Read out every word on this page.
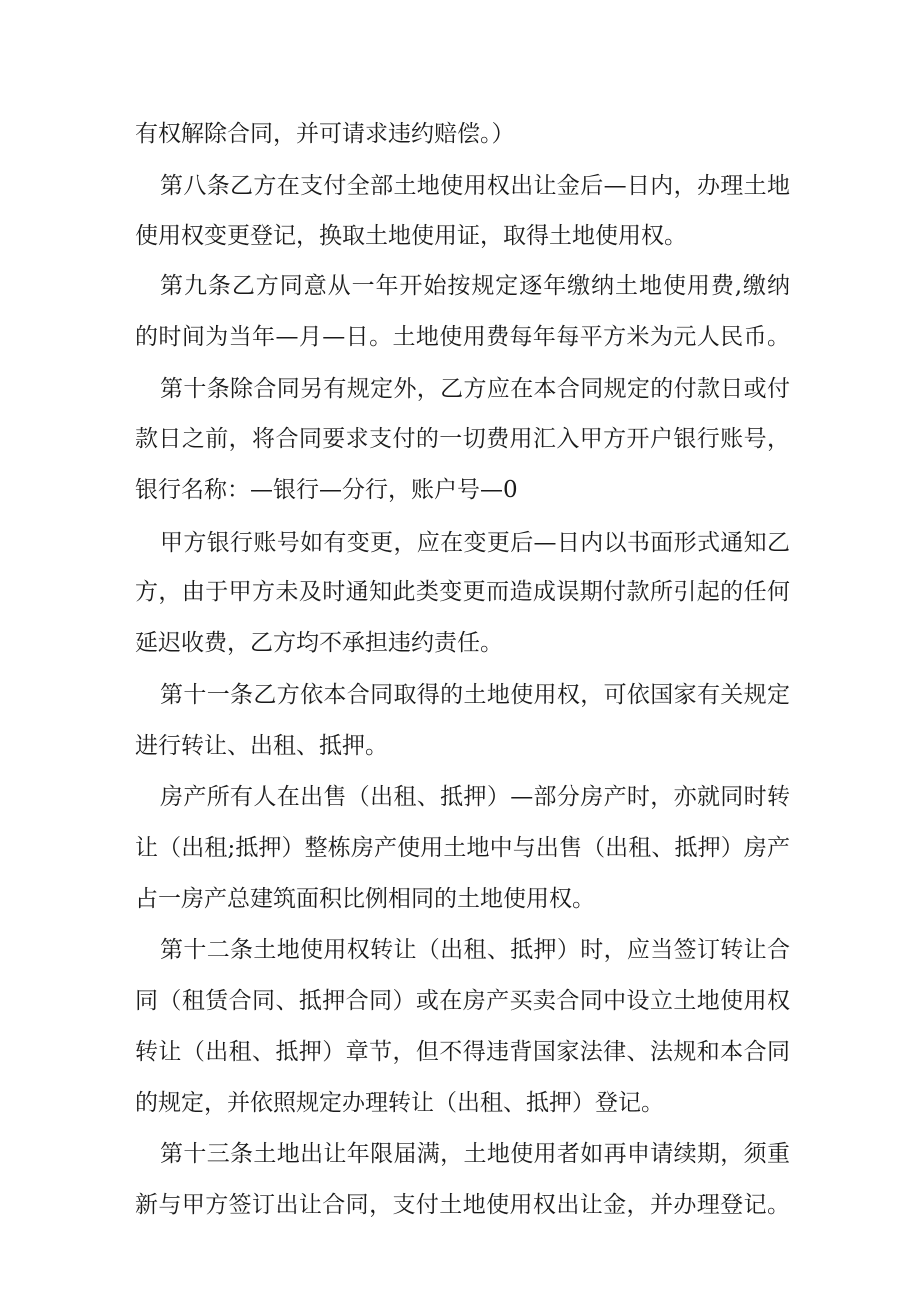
有权解除合同，并可请求违约赔偿。）
第八条乙方在支付全部土地使用权出让金后—日内，办理土地
使用权变更登记，换取土地使用证，取得土地使用权。
第九条乙方同意从一年开始按规定逐年缴纳土地使用费,缴纳
的时间为当年—月—日。土地使用费每年每平方米为元人民币。
第十条除合同另有规定外，乙方应在本合同规定的付款日或付
款日之前，将合同要求支付的一切费用汇入甲方开户银行账号，
银行名称：—银行—分行，账户号—0
甲方银行账号如有变更，应在变更后—日内以书面形式通知乙
方，由于甲方未及时通知此类变更而造成误期付款所引起的任何
延迟收费，乙方均不承担违约责任。
第十一条乙方依本合同取得的土地使用权，可依国家有关规定
进行转让、出租、抵押。
房产所有人在出售（出租、抵押）—部分房产时，亦就同时转
让（出租;抵押）整栋房产使用土地中与出售（出租、抵押）房产
占一房产总建筑面积比例相同的土地使用权。
第十二条土地使用权转让（出租、抵押）时，应当签订转让合
同（租赁合同、抵押合同）或在房产买卖合同中设立土地使用权
转让（出租、抵押）章节，但不得违背国家法律、法规和本合同
的规定，并依照规定办理转让（出租、抵押）登记。
第十三条土地出让年限届满，土地使用者如再申请续期，须重
新与甲方签订出让合同，支付土地使用权出让金，并办理登记。
